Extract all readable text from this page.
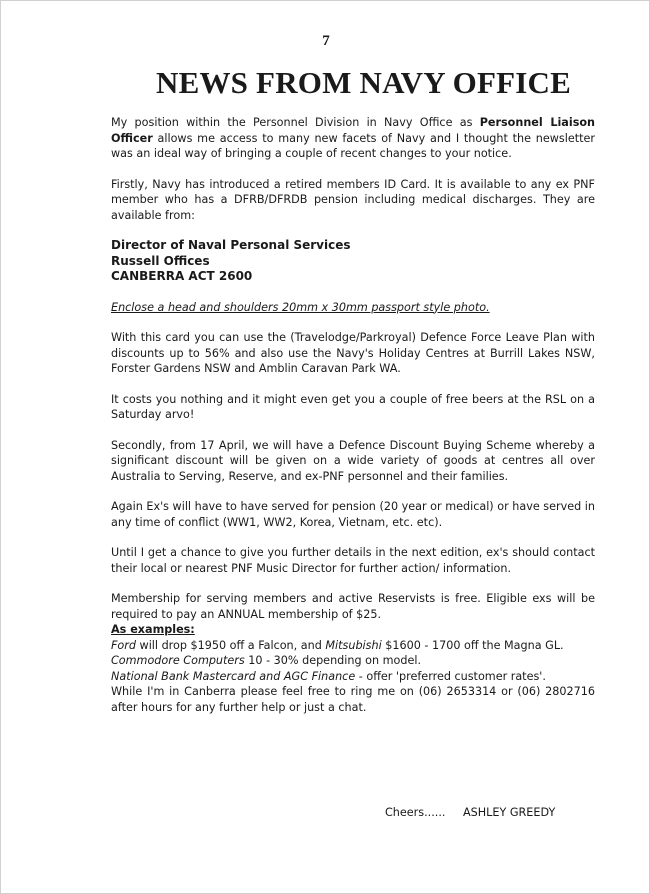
7
NEWS FROM NAVY OFFICE

My position within the Personnel Division in Navy Office as Personnel Liaison Officer allows me access to many new facets of Navy and I thought the newsletter was an ideal way of bringing a couple of recent changes to your notice.

Firstly, Navy has introduced a retired members ID Card. It is available to any ex PNF member who has a DFRB/DFRDB pension including medical discharges. They are available from:

Director of Naval Personal Services
Russell Offices
CANBERRA ACT 2600

Enclose a head and shoulders 20mm x 30mm passport style photo.

With this card you can use the (Travelodge/Parkroyal) Defence Force Leave Plan with discounts up to 56% and also use the Navy's Holiday Centres at Burrill Lakes NSW, Forster Gardens NSW and Amblin Caravan Park WA.

It costs you nothing and it might even get you a couple of free beers at the RSL on a Saturday arvo!

Secondly, from 17 April, we will have a Defence Discount Buying Scheme whereby a significant discount will be given on a wide variety of goods at centres all over Australia to Serving, Reserve, and ex-PNF personnel and their families.

Again Ex's will have to have served for pension (20 year or medical) or have served in any time of conflict (WW1, WW2, Korea, Vietnam, etc. etc).

Until I get a chance to give you further details in the next edition, ex's should contact their local or nearest PNF Music Director for further action/ information.

Membership for serving members and active Reservists is free. Eligible exs will be required to pay an ANNUAL membership of $25.

As examples:

Ford will drop $1950 off a Falcon, and Mitsubishi $1600 - 1700 off the Magna GL.

Commodore Computers 10 - 30% depending on model.

National Bank Mastercard and AGC Finance - offer 'preferred customer rates'.

While I'm in Canberra please feel free to ring me on (06) 2653314 or (06) 2802716 after hours for any further help or just a chat.

Cheers...... ASHLEY GREEDY
